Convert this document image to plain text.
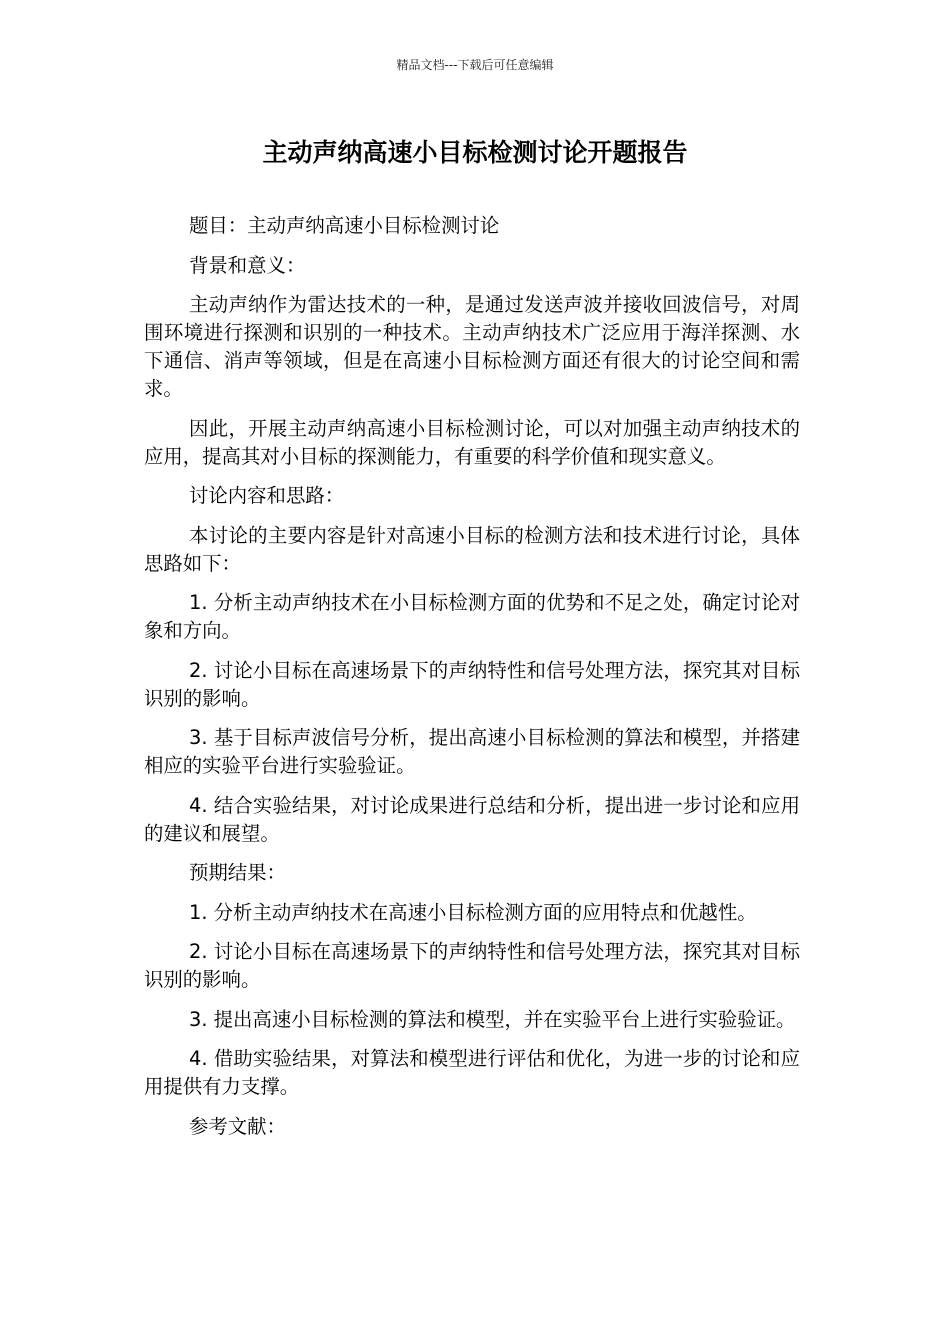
精品文档---下载后可任意编辑
主动声纳高速小目标检测讨论开题报告

题目：主动声纳高速小目标检测讨论

背景和意义：

主动声纳作为雷达技术的一种，是通过发送声波并接收回波信号，对周围环境进行探测和识别的一种技术。主动声纳技术广泛应用于海洋探测、水下通信、消声等领域，但是在高速小目标检测方面还有很大的讨论空间和需求。

因此，开展主动声纳高速小目标检测讨论，可以对加强主动声纳技术的应用，提高其对小目标的探测能力，有重要的科学价值和现实意义。

讨论内容和思路：

本讨论的主要内容是针对高速小目标的检测方法和技术进行讨论，具体思路如下：

1. 分析主动声纳技术在小目标检测方面的优势和不足之处，确定讨论对象和方向。

2. 讨论小目标在高速场景下的声纳特性和信号处理方法，探究其对目标识别的影响。

3. 基于目标声波信号分析，提出高速小目标检测的算法和模型，并搭建相应的实验平台进行实验验证。

4. 结合实验结果，对讨论成果进行总结和分析，提出进一步讨论和应用的建议和展望。

预期结果：

1. 分析主动声纳技术在高速小目标检测方面的应用特点和优越性。

2. 讨论小目标在高速场景下的声纳特性和信号处理方法，探究其对目标识别的影响。

3. 提出高速小目标检测的算法和模型，并在实验平台上进行实验验证。

4. 借助实验结果，对算法和模型进行评估和优化，为进一步的讨论和应用提供有力支撑。

参考文献：
